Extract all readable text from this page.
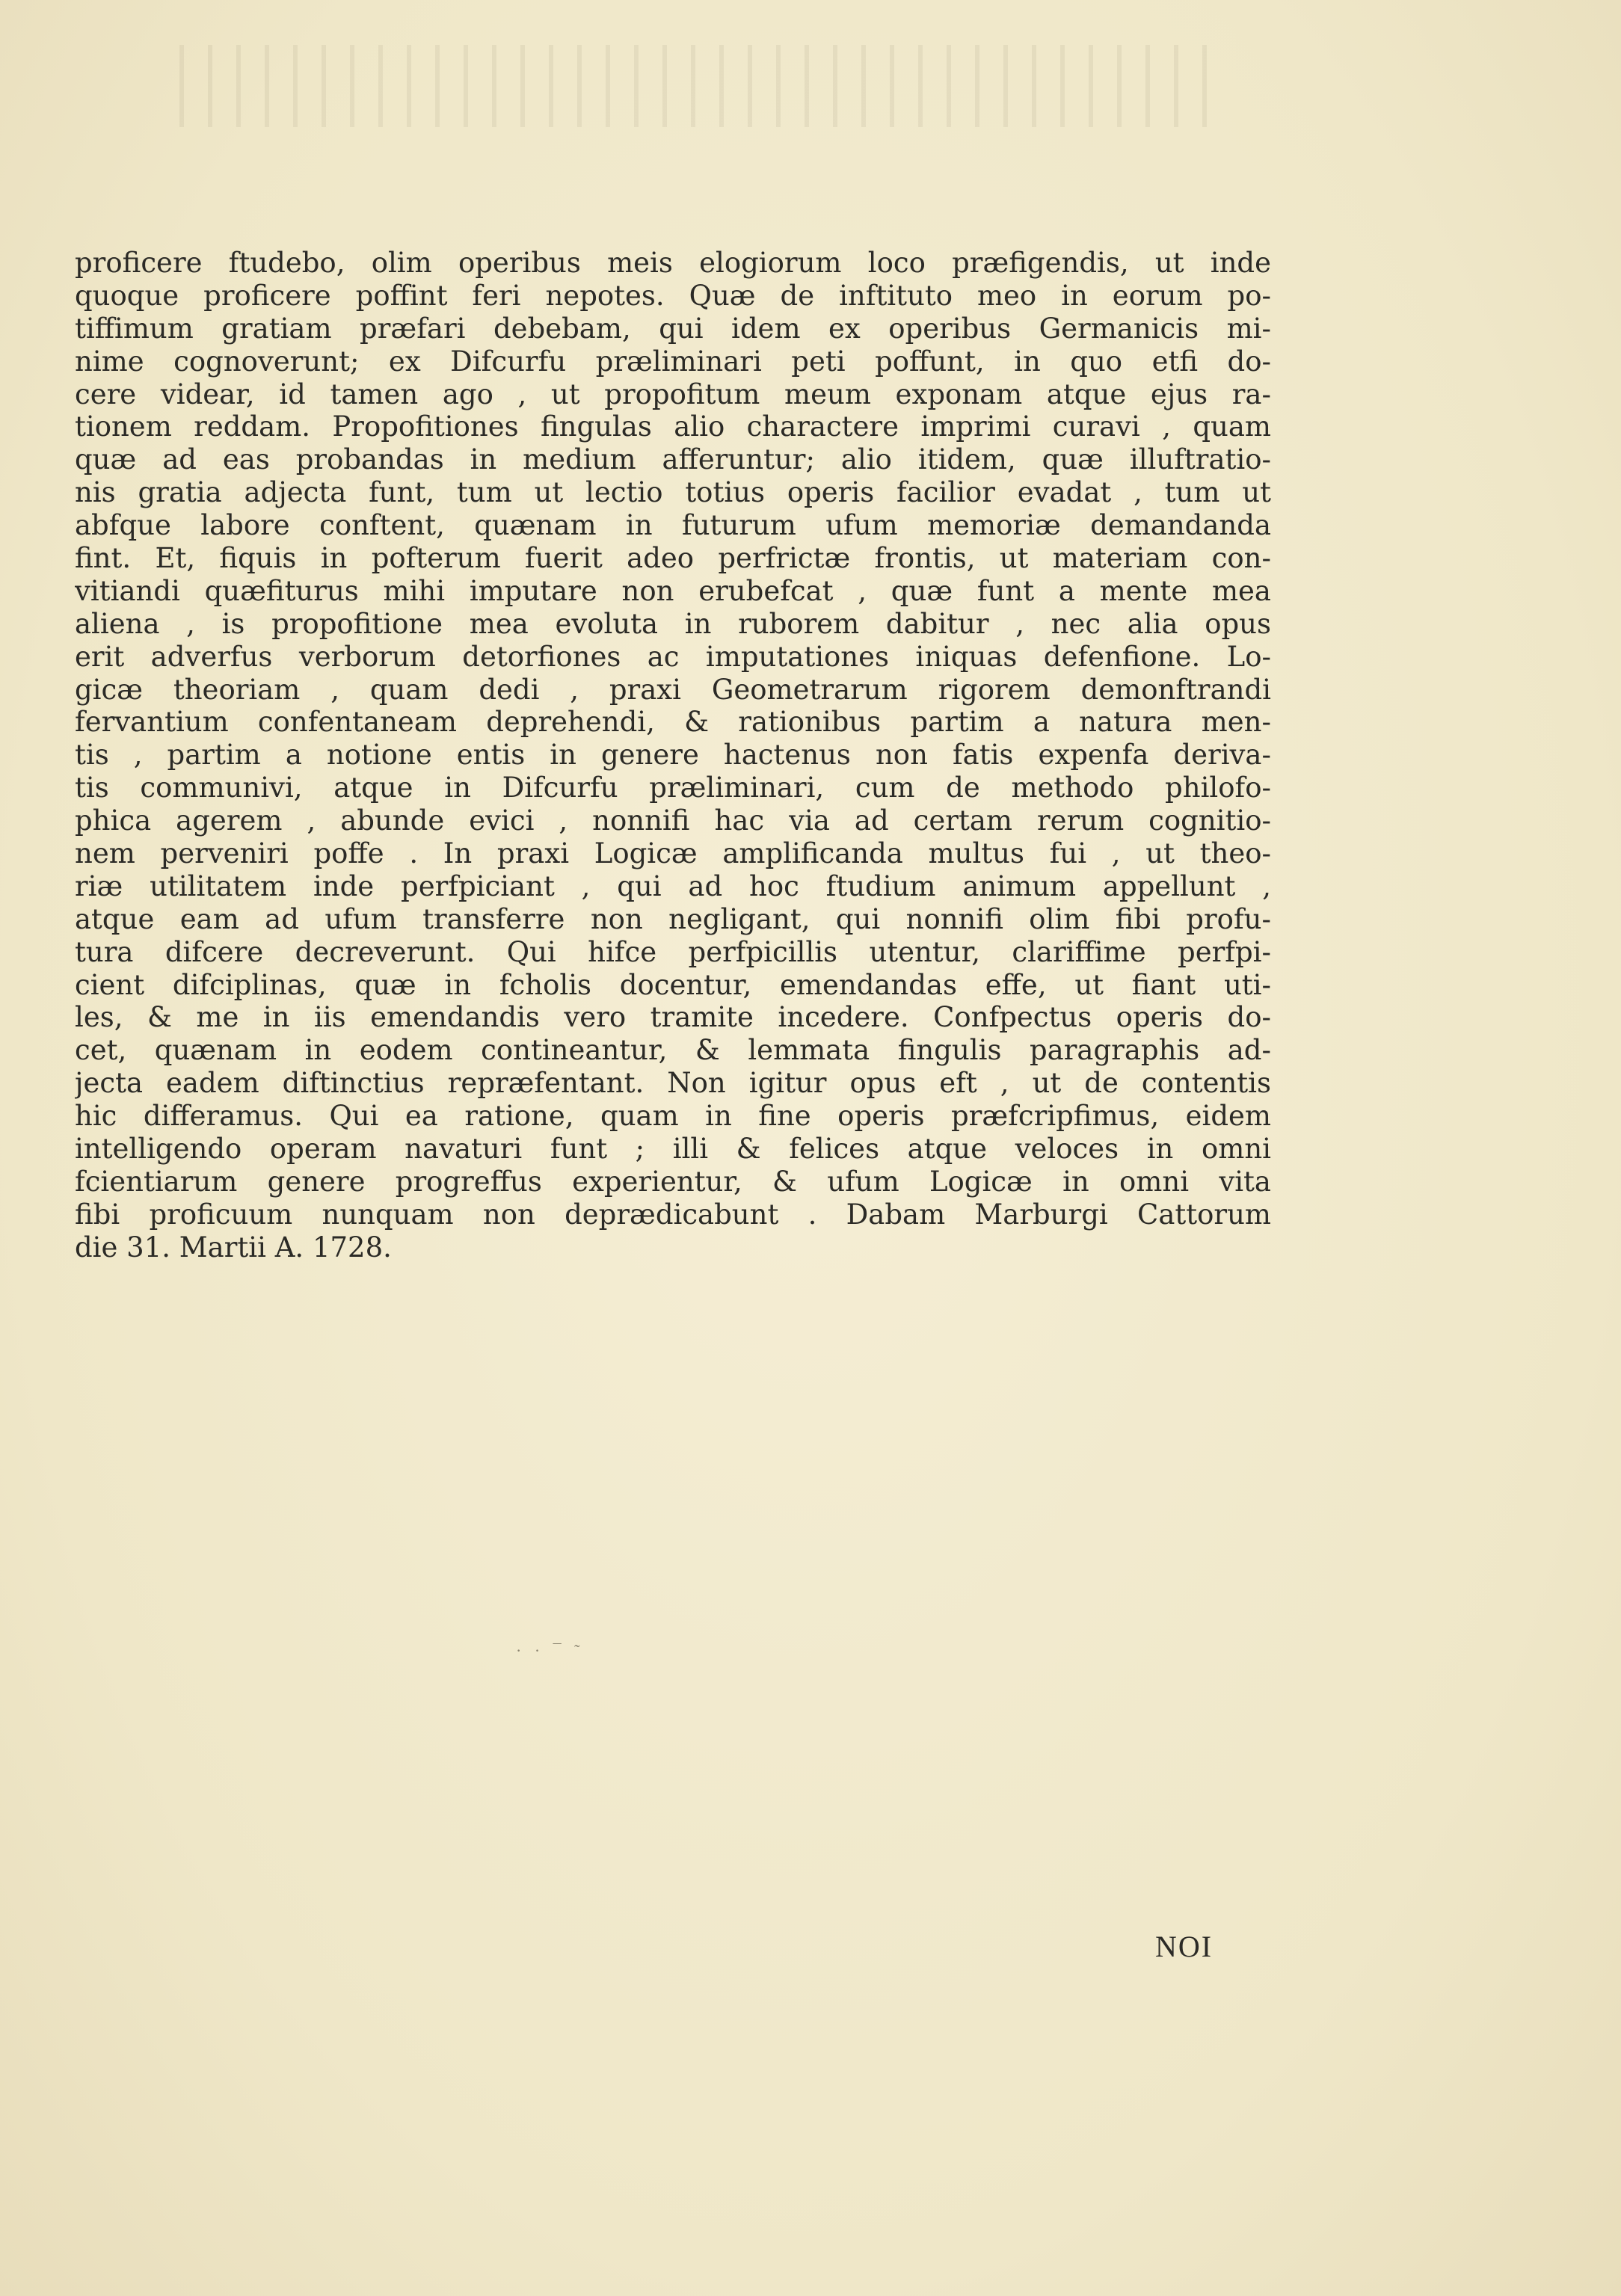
proficere ftudebo, olim operibus meis elogiorum loco præfigendis, ut inde
quoque proficere poffint feri nepotes. Quæ de inftituto meo in eorum po-
tiffimum gratiam præfari debebam, qui idem ex operibus Germanicis mi-
nime cognoverunt; ex Difcurfu præliminari peti poffunt, in quo etfi do-
cere videar, id tamen ago , ut propofitum meum exponam atque ejus ra-
tionem reddam. Propofitiones fingulas alio charactere imprimi curavi , quam
quæ ad eas probandas in medium afferuntur; alio itidem, quæ illuftratio-
nis gratia adjecta funt, tum ut lectio totius operis facilior evadat , tum ut
abfque labore conftent, quænam in futurum ufum memoriæ demandanda
fint. Et, fiquis in pofterum fuerit adeo perfrictæ frontis, ut materiam con-
vitiandi quæfiturus mihi imputare non erubefcat , quæ funt a mente mea
aliena , is propofitione mea evoluta in ruborem dabitur , nec alia opus
erit adverfus verborum detorfiones ac imputationes iniquas defenfione. Lo-
gicæ theoriam , quam dedi , praxi Geometrarum rigorem demonftrandi
fervantium confentaneam deprehendi, & rationibus partim a natura men-
tis , partim a notione entis in genere hactenus non fatis expenfa deriva-
tis communivi, atque in Difcurfu præliminari, cum de methodo philofo-
phica agerem , abunde evici , nonnifi hac via ad certam rerum cognitio-
nem perveniri poffe . In praxi Logicæ amplificanda multus fui , ut theo-
riæ utilitatem inde perfpiciant , qui ad hoc ftudium animum appellunt ,
atque eam ad ufum transferre non negligant, qui nonnifi olim fibi profu-
tura difcere decreverunt. Qui hifce perfpicillis utentur, clariffime perfpi-
cient difciplinas, quæ in fcholis docentur, emendandas effe, ut fiant uti-
les, & me in iis emendandis vero tramite incedere. Confpectus operis do-
cet, quænam in eodem contineantur, & lemmata fingulis paragraphis ad-
jecta eadem diftinctius repræfentant. Non igitur opus eft , ut de contentis
hic differamus. Qui ea ratione, quam in fine operis præfcripfimus, eidem
intelligendo operam navaturi funt ; illi & felices atque veloces in omni
fcientiarum genere progreffus experientur, & ufum Logicæ in omni vita
fibi proficuum nunquam non deprædicabunt . Dabam Marburgi Cattorum
die 31. Martii A. 1728.
· · ¯ ˜
NOI
